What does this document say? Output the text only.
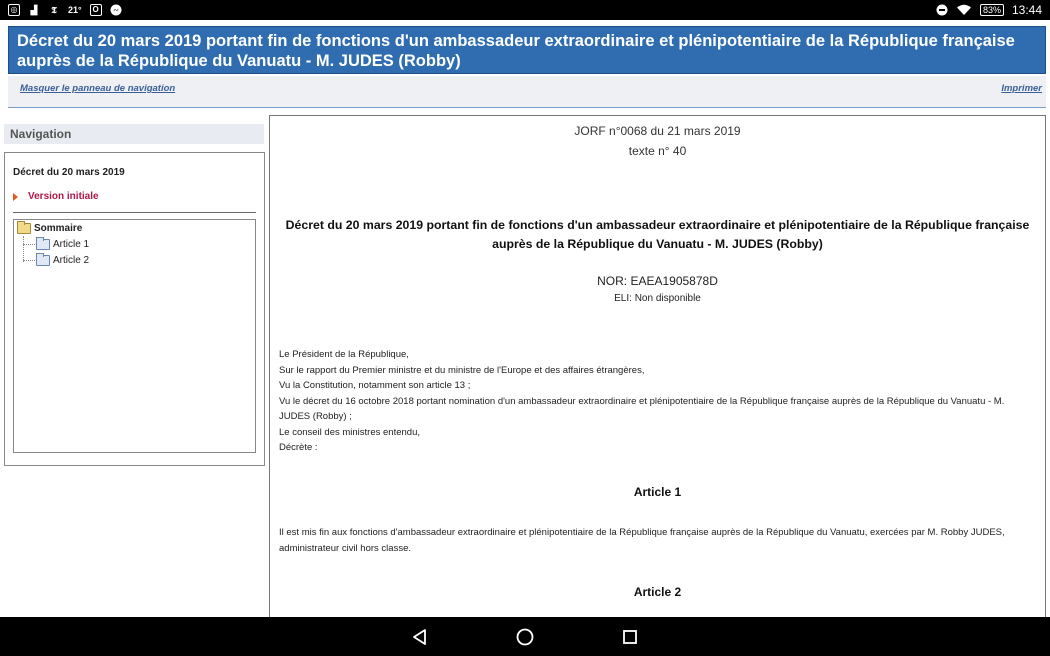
◎ ▟	𝕿	21°	O	83% 13:44
Décret du 20 mars 2019 portant fin de fonctions d'un ambassadeur extraordinaire et plénipotentiaire de la République française auprès de la République du Vanuatu - M. JUDES (Robby)
Masquer le panneau de navigation	Imprimer
Navigation
Décret du 20 mars 2019
Version initiale
Sommaire
Article 1
Article 2
JORF n°0068 du 21 mars 2019
texte n° 40
Décret du 20 mars 2019 portant fin de fonctions d'un ambassadeur extraordinaire et plénipotentiaire de la République française auprès de la République du Vanuatu - M. JUDES (Robby)
NOR: EAEA1905878D
ELI: Non disponible
Le Président de la République,
Sur le rapport du Premier ministre et du ministre de l'Europe et des affaires étrangères,
Vu la Constitution, notamment son article 13 ;
Vu le décret du 16 octobre 2018 portant nomination d'un ambassadeur extraordinaire et plénipotentiaire de la République française auprès de la République du Vanuatu - M. JUDES (Robby) ;
Le conseil des ministres entendu,
Décrète :
Article 1
Il est mis fin aux fonctions d'ambassadeur extraordinaire et plénipotentiaire de la République française auprès de la République du Vanuatu, exercées par M. Robby JUDES, administrateur civil hors classe.
Article 2
